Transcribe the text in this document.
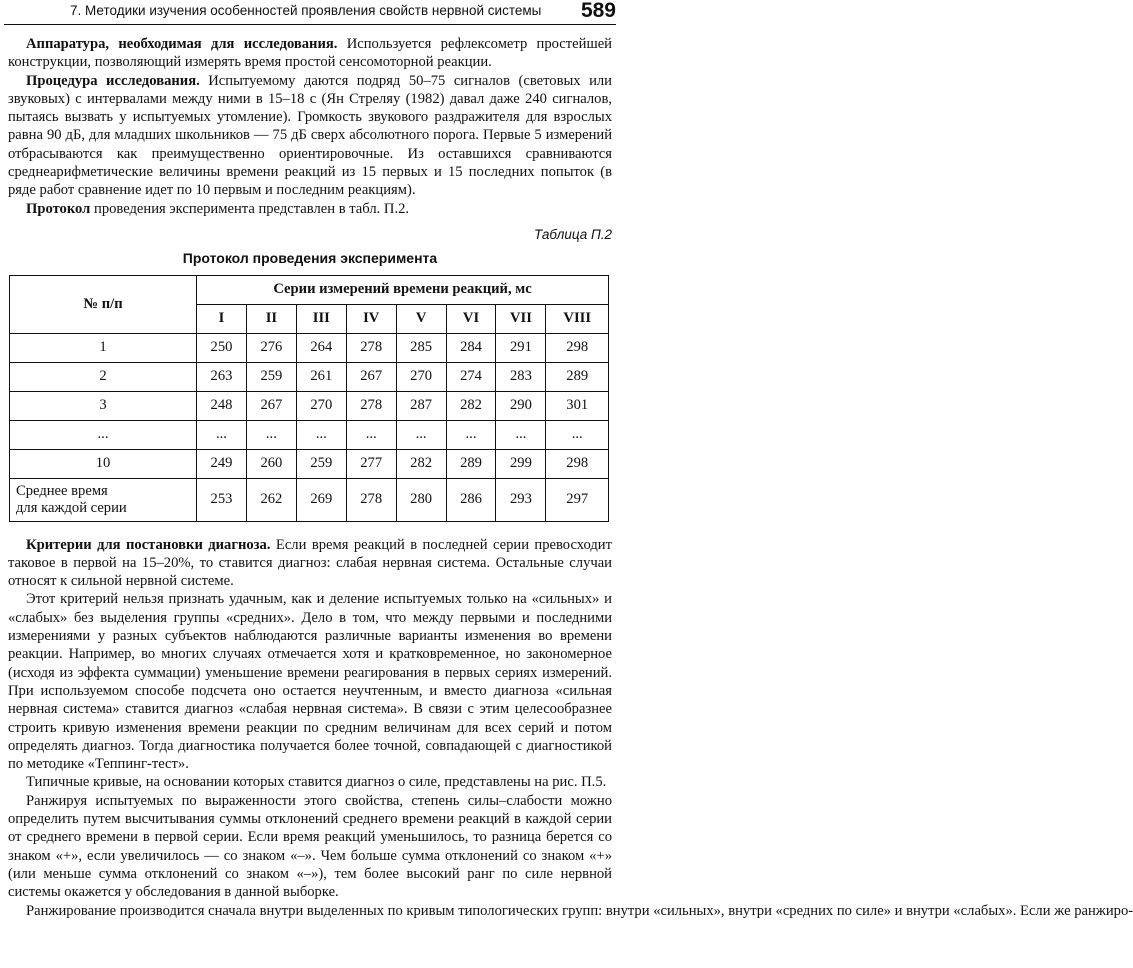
7. Методики изучения особенностей проявления свойств нервной системы 589

Аппаратура, необходимая для исследования. Используется рефлексометр простейшей конструкции, позволяющий измерять время простой сенсомоторной реакции.

Процедура исследования. Испытуемому даются подряд 50–75 сигналов (световых или звуковых) с интервалами между ними в 15–18 с (Ян Стреляу (1982) давал даже 240 сигналов, пытаясь вызвать у испытуемых утомление). Громкость звукового раздражителя для взрослых равна 90 дБ, для младших школьников — 75 дБ сверх абсолютного порога. Первые 5 измерений отбрасываются как преимущественно ориентировочные. Из оставшихся сравниваются среднеарифметические величины времени реакций из 15 первых и 15 последних попыток (в ряде работ сравнение идет по 10 первым и последним реакциям).

Протокол проведения эксперимента представлен в табл. П.2.

Таблица П.2
Протокол проведения эксперимента
№ п/п	Серии измерений времени реакций, мс							
	I	II	III	IV	V	VI	VII	VIII
1	250	276	264	278	285	284	291	298
2	263	259	261	267	270	274	283	289
3	248	267	270	278	287	282	290	301
...	...	...	...	...	...	...	...	...
10	249	260	259	277	282	289	299	298
Среднее время
для каждой серии	253	262	269	278	280	286	293	297

Критерии для постановки диагноза. Если время реакций в последней серии превосходит таковое в первой на 15–20%, то ставится диагноз: слабая нервная система. Остальные случаи относят к сильной нервной системе.

Этот критерий нельзя признать удачным, как и деление испытуемых только на «сильных» и «слабых» без выделения группы «средних». Дело в том, что между первыми и последними измерениями у разных субъектов наблюдаются различные варианты изменения во времени реакции. Например, во многих случаях отмечается хотя и кратковременное, но закономерное (исходя из эффекта суммации) уменьшение времени реагирования в первых сериях измерений. При используемом способе подсчета оно остается неучтенным, и вместо диагноза «сильная нервная система» ставится диагноз «слабая нервная система». В связи с этим целесообразнее строить кривую изменения времени реакции по средним величинам для всех серий и потом определять диагноз. Тогда диагностика получается более точной, совпадающей с диагностикой по методике «Теппинг-тест».

Типичные кривые, на основании которых ставится диагноз о силе, представлены на рис. П.5.

Ранжируя испытуемых по выраженности этого свойства, степень силы–слабости можно определить путем высчитывания суммы отклонений среднего времени реакций в каждой серии от среднего времени в первой серии. Если время реакций уменьшилось, то разница берется со знаком «+», если увеличилось — со знаком «–». Чем больше сумма отклонений со знаком «+» (или меньше сумма отклонений со знаком «–»), тем более высокий ранг по силе нервной системы окажется у обследования в данной выборке.

Ранжирование производится сначала внутри выделенных по кривым типологических групп: внутри «сильных», внутри «средних по силе» и внутри «слабых». Если же ранжиро-
